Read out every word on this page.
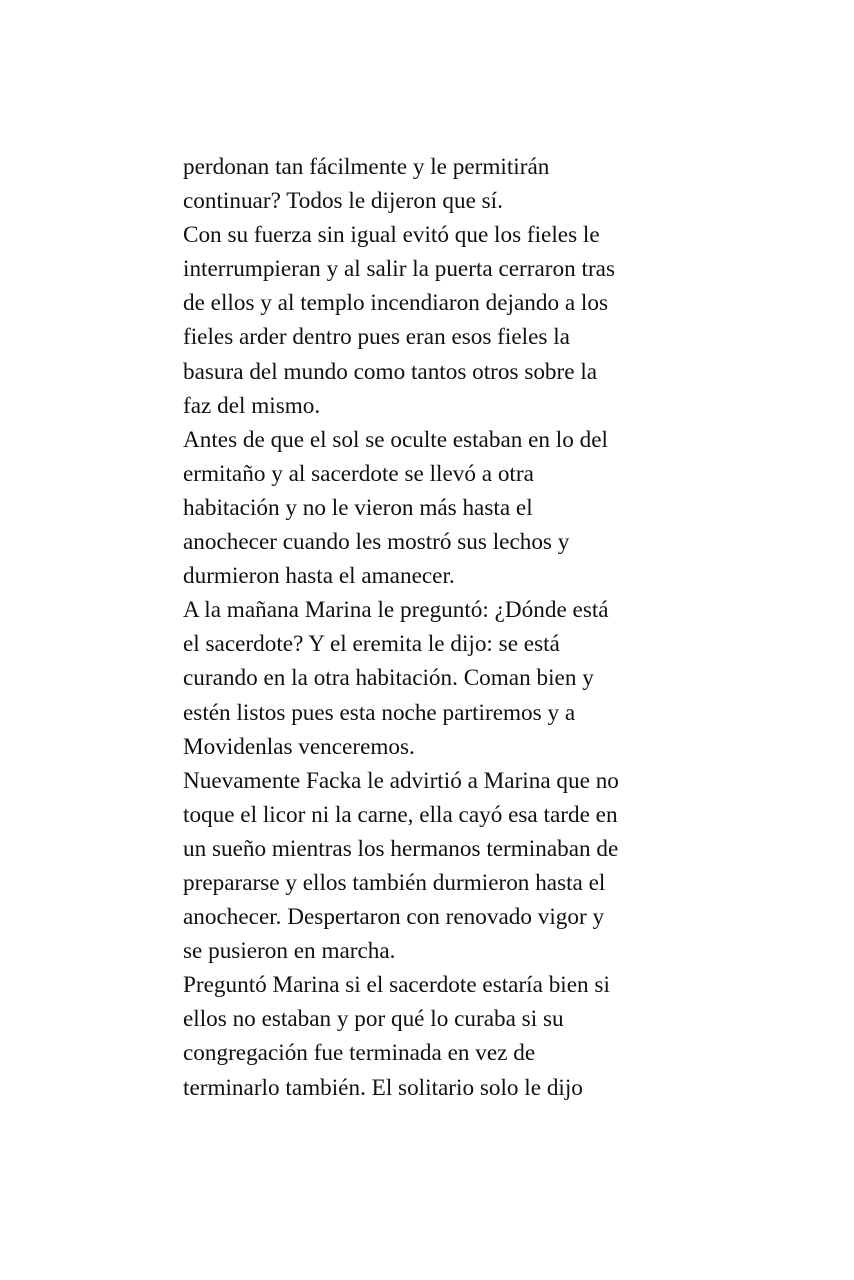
perdonan tan fácilmente y le permitirán
continuar? Todos le dijeron que sí.
Con su fuerza sin igual evitó que los fieles le
interrumpieran y al salir la puerta cerraron tras
de ellos y al templo incendiaron dejando a los
fieles arder dentro pues eran esos fieles la
basura del mundo como tantos otros sobre la
faz del mismo.
Antes de que el sol se oculte estaban en lo del
ermitaño y al sacerdote se llevó a otra
habitación y no le vieron más hasta el
anochecer cuando les mostró sus lechos y
durmieron hasta el amanecer.
A la mañana Marina le preguntó: ¿Dónde está
el sacerdote? Y el eremita le dijo: se está
curando en la otra habitación. Coman bien y
estén listos pues esta noche partiremos y a
Movidenlas venceremos.
Nuevamente Facka le advirtió a Marina que no
toque el licor ni la carne, ella cayó esa tarde en
un sueño mientras los hermanos terminaban de
prepararse y ellos también durmieron hasta el
anochecer. Despertaron con renovado vigor y
se pusieron en marcha.
Preguntó Marina si el sacerdote estaría bien si
ellos no estaban y por qué lo curaba si su
congregación fue terminada en vez de
terminarlo también. El solitario solo le dijo
